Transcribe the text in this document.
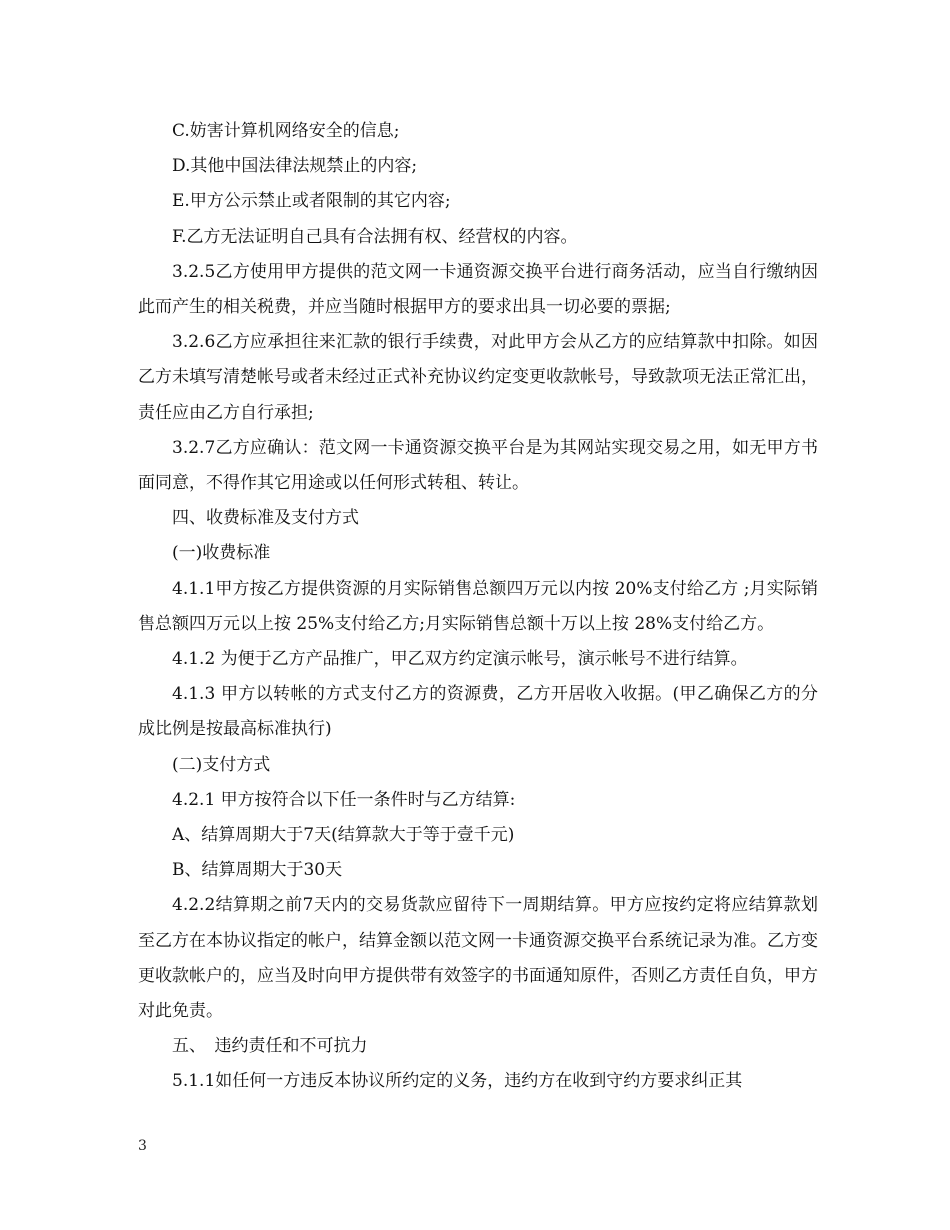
C.妨害计算机网络安全的信息;

D.其他中国法律法规禁止的内容;

E.甲方公示禁止或者限制的其它内容;

F.乙方无法证明自己具有合法拥有权、经营权的内容。

3.2.5乙方使用甲方提供的范文网一卡通资源交换平台进行商务活动，应当自行缴纳因此而产生的相关税费，并应当随时根据甲方的要求出具一切必要的票据;

3.2.6乙方应承担往来汇款的银行手续费，对此甲方会从乙方的应结算款中扣除。如因乙方未填写清楚帐号或者未经过正式补充协议约定变更收款帐号，导致款项无法正常汇出，责任应由乙方自行承担;

3.2.7乙方应确认：范文网一卡通资源交换平台是为其网站实现交易之用，如无甲方书面同意，不得作其它用途或以任何形式转租、转让。

四、收费标准及支付方式

(一)收费标准

4.1.1甲方按乙方提供资源的月实际销售总额四万元以内按 20%支付给乙方 ;月实际销售总额四万元以上按 25%支付给乙方;月实际销售总额十万以上按 28%支付给乙方。

4.1.2 为便于乙方产品推广，甲乙双方约定演示帐号，演示帐号不进行结算。

4.1.3 甲方以转帐的方式支付乙方的资源费，乙方开居收入收据。(甲乙确保乙方的分成比例是按最高标准执行)

(二)支付方式

4.2.1 甲方按符合以下任一条件时与乙方结算:

A、结算周期大于7天(结算款大于等于壹千元)

B、结算周期大于30天

4.2.2结算期之前7天内的交易货款应留待下一周期结算。甲方应按约定将应结算款划至乙方在本协议指定的帐户，结算金额以范文网一卡通资源交换平台系统记录为准。乙方变更收款帐户的，应当及时向甲方提供带有效签字的书面通知原件，否则乙方责任自负，甲方对此免责。

五、　违约责任和不可抗力

5.1.1如任何一方违反本协议所约定的义务，违约方在收到守约方要求纠正其

3
